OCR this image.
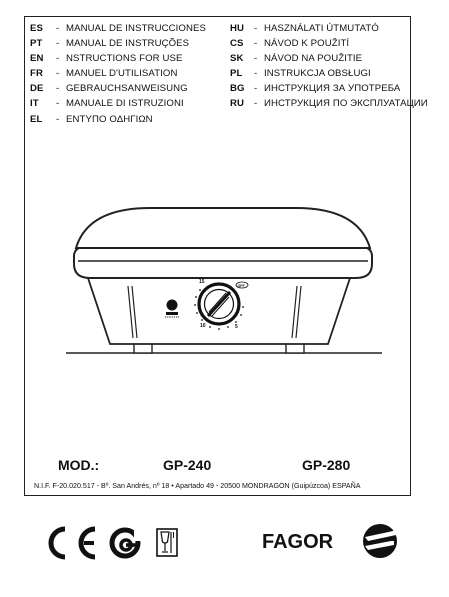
ES - MANUAL DE INSTRUCCIONES
PT - MANUAL DE INSTRUÇÕES
EN - NSTRUCTIONS FOR USE
FR - MANUEL D'UTILISATION
DE - GEBRAUCHSANWEISUNG
IT - MANUALE DI ISTRUZIONI
EL - ΕΝΤΥΠΟ ΟΔΗΓΙΩΝ
HU - HASZNÁLATI ÚTMUTATÓ
CS - NÁVOD K POUŽITÍ
SK - NÁVOD NA POUŽITIE
PL - INSTRUKCJA OBSŁUGI
BG - ИНСТРУКЦИЯ ЗА УПОТРЕБА
RU - ИНСТРУКЦИЯ ПО ЭКСПЛУАТАЦИИ
15
10	5
OFF
MOD.:	GP-240	GP-280
N.I.F. F-20.020.517 - Bº. San Andrés, nº 18 • Apartado 49 - 20500 MONDRAGON (Guipúzcoa) ESPAÑA
FAGOR
